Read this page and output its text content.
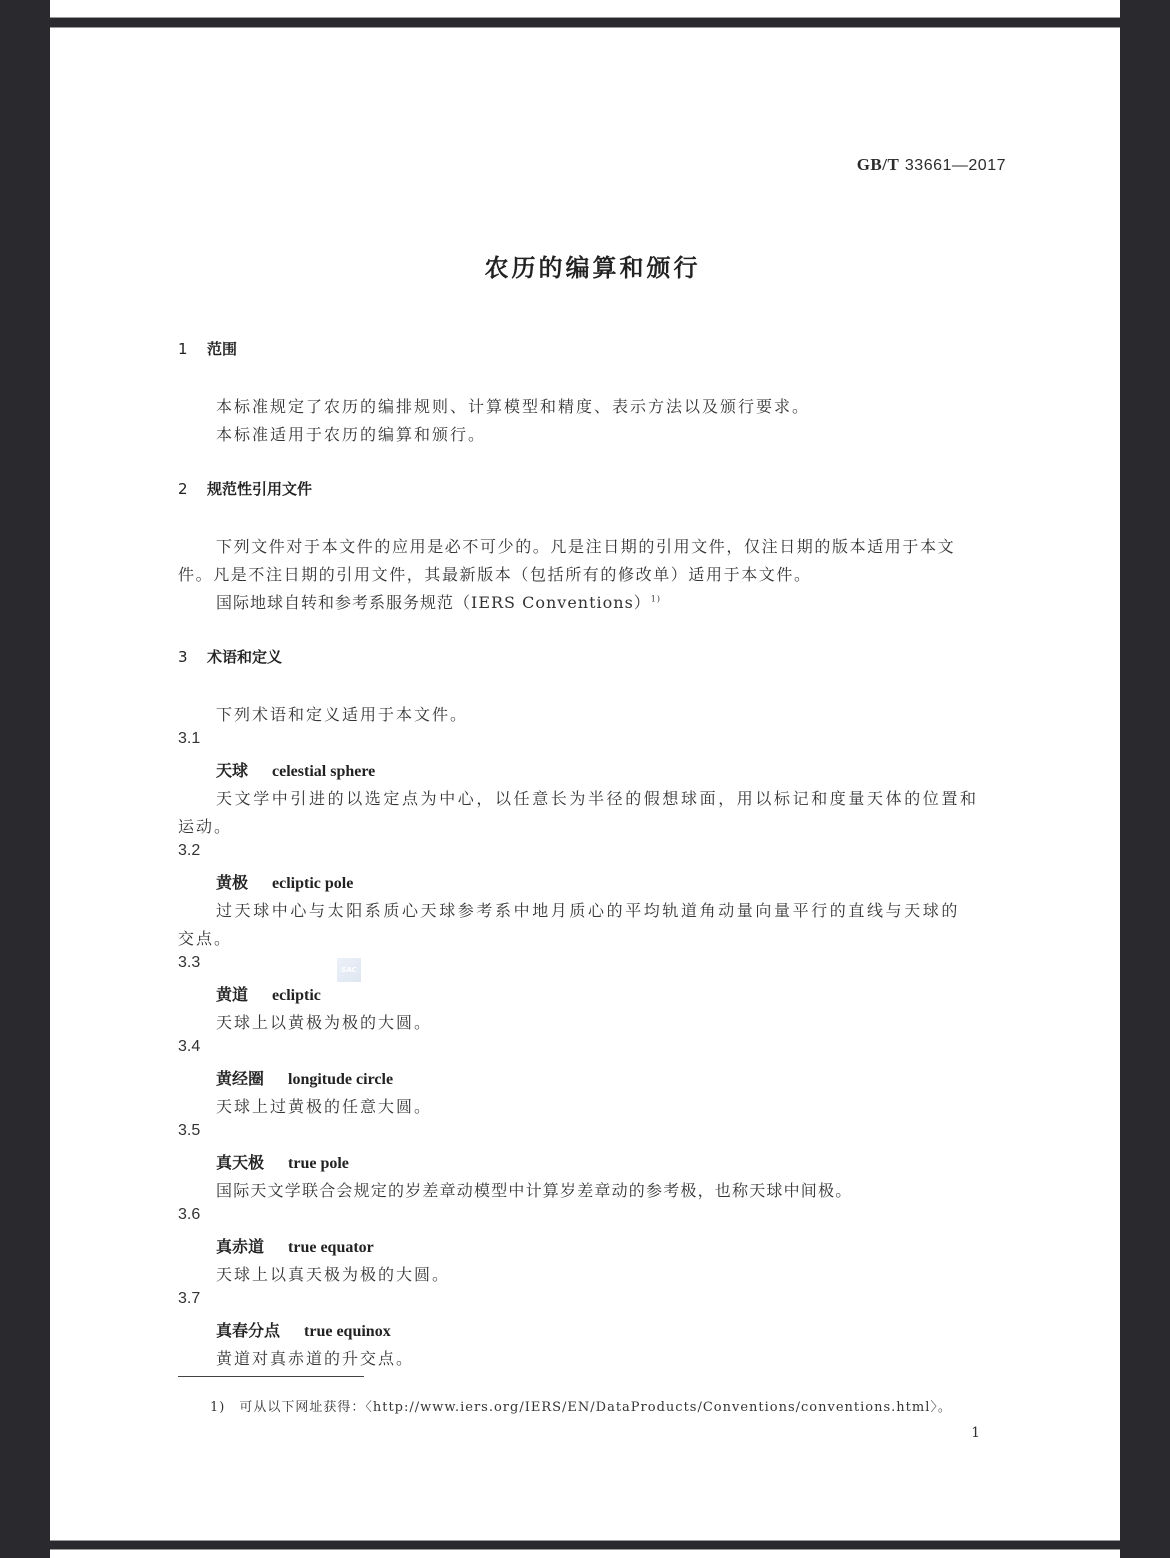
GB/T 33661—2017
农历的编算和颁行
1 范围
本标准规定了农历的编排规则、计算模型和精度、表示方法以及颁行要求。
本标准适用于农历的编算和颁行。
2 规范性引用文件
下列文件对于本文件的应用是必不可少的。凡是注日期的引用文件，仅注日期的版本适用于本文
件。凡是不注日期的引用文件，其最新版本（包括所有的修改单）适用于本文件。
国际地球自转和参考系服务规范（IERS Conventions）$^{1)}$
3 术语和定义
下列术语和定义适用于本文件。
3.1
天球 celestial sphere
天文学中引进的以选定点为中心，以任意长为半径的假想球面，用以标记和度量天体的位置和
运动。
3.2
黄极 ecliptic pole
过天球中心与太阳系质心天球参考系中地月质心的平均轨道角动量向量平行的直线与天球的
交点。
3.3	SAC
黄道 ecliptic
天球上以黄极为极的大圆。
3.4
黄经圈 longitude circle
天球上过黄极的任意大圆。
3.5
真天极 true pole
国际天文学联合会规定的岁差章动模型中计算岁差章动的参考极，也称天球中间极。
3.6
真赤道 true equator
天球上以真天极为极的大圆。
3.7
真春分点 true equinox
黄道对真赤道的升交点。
1) 可从以下网址获得：〈http://www.iers.org/IERS/EN/DataProducts/Conventions/conventions.html〉。
1
